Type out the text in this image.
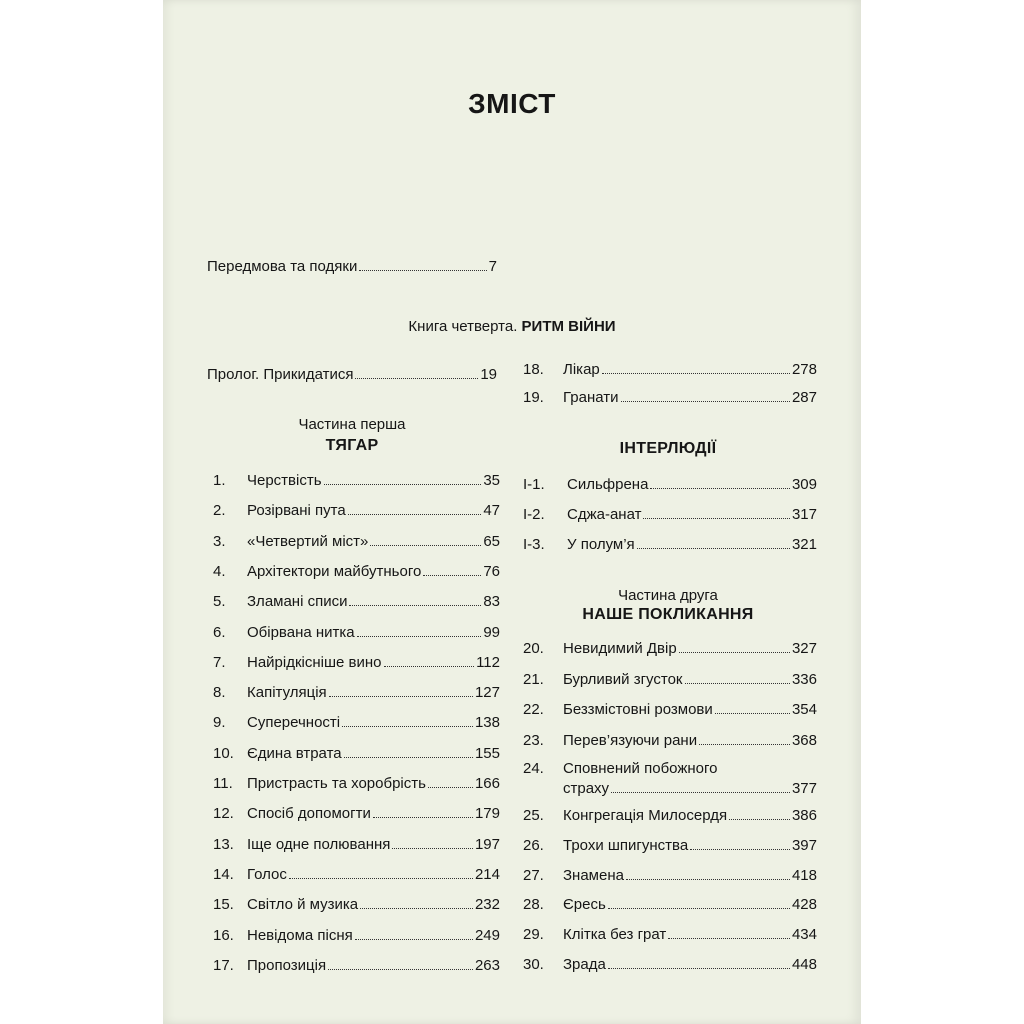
ЗМІСТ
Передмова та подяки	7
Книга четверта. РИТМ ВІЙНИ
Пролог. Прикидатися	19
Частина перша
ТЯГАР
1.	Черствість	35
2.	Розірвані пута	47
3.	«Четвертий міст»	65
4.	Архітектори майбутнього	76
5.	Зламані списи	83
6.	Обірвана нитка	99
7.	Найрідкісніше вино	112
8.	Капітуляція	127
9.	Суперечності	138
10. Єдина втрата	155
11. Пристрасть та хоробрість	166
12. Спосіб допомогти	179
13. Іще одне полювання	197
14. Голос	214
15. Світло й музика	232
16. Невідома пісня	249
17. Пропозиція	263
18.	Лікар	278
19.	Гранати	287
ІНТЕРЛЮДІЇ
І-1.	Сильфрена	309
І-2.	Сджа-анат	317
І-3.	У полум’я	321
Частина друга
НАШЕ ПОКЛИКАННЯ
20.	Невидимий Двір	327
21.	Бурливий згусток	336
22.	Беззмістовні розмови	354
23.	Перев’язуючи рани	368
24.	Сповнений побожного
страху	377
25.	Конгрегація Милосердя	386
26.	Трохи шпигунства	397
27.	Знамена	418
28.	Єресь	428
29.	Клітка без грат	434
30.	Зрада	448
